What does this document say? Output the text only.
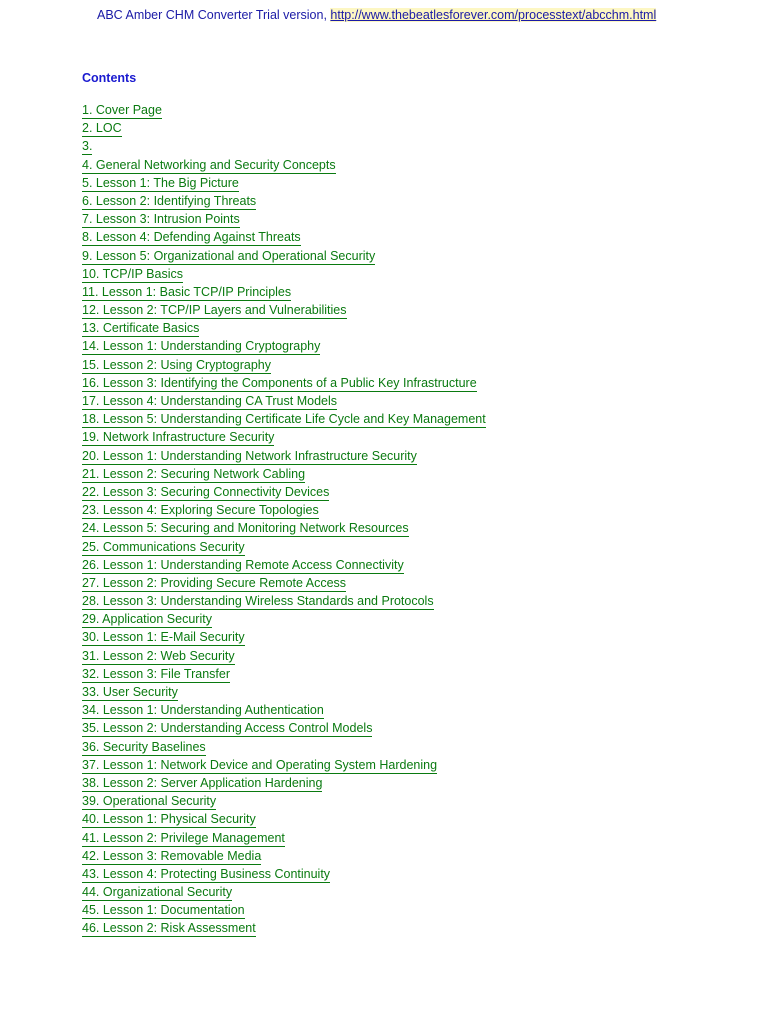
ABC Amber CHM Converter Trial version, http://www.thebeatlesforever.com/processtext/abcchm.html
Contents
1. Cover Page
2. LOC
3.
4. General Networking and Security Concepts
5. Lesson 1: The Big Picture
6. Lesson 2: Identifying Threats
7. Lesson 3: Intrusion Points
8. Lesson 4: Defending Against Threats
9. Lesson 5: Organizational and Operational Security
10. TCP/IP Basics
11. Lesson 1: Basic TCP/IP Principles
12. Lesson 2: TCP/IP Layers and Vulnerabilities
13. Certificate Basics
14. Lesson 1: Understanding Cryptography
15. Lesson 2: Using Cryptography
16. Lesson 3: Identifying the Components of a Public Key Infrastructure
17. Lesson 4: Understanding CA Trust Models
18. Lesson 5: Understanding Certificate Life Cycle and Key Management
19. Network Infrastructure Security
20. Lesson 1: Understanding Network Infrastructure Security
21. Lesson 2: Securing Network Cabling
22. Lesson 3: Securing Connectivity Devices
23. Lesson 4: Exploring Secure Topologies
24. Lesson 5: Securing and Monitoring Network Resources
25. Communications Security
26. Lesson 1: Understanding Remote Access Connectivity
27. Lesson 2: Providing Secure Remote Access
28. Lesson 3: Understanding Wireless Standards and Protocols
29. Application Security
30. Lesson 1: E-Mail Security
31. Lesson 2: Web Security
32. Lesson 3: File Transfer
33. User Security
34. Lesson 1: Understanding Authentication
35. Lesson 2: Understanding Access Control Models
36. Security Baselines
37. Lesson 1: Network Device and Operating System Hardening
38. Lesson 2: Server Application Hardening
39. Operational Security
40. Lesson 1: Physical Security
41. Lesson 2: Privilege Management
42. Lesson 3: Removable Media
43. Lesson 4: Protecting Business Continuity
44. Organizational Security
45. Lesson 1: Documentation
46. Lesson 2: Risk Assessment
